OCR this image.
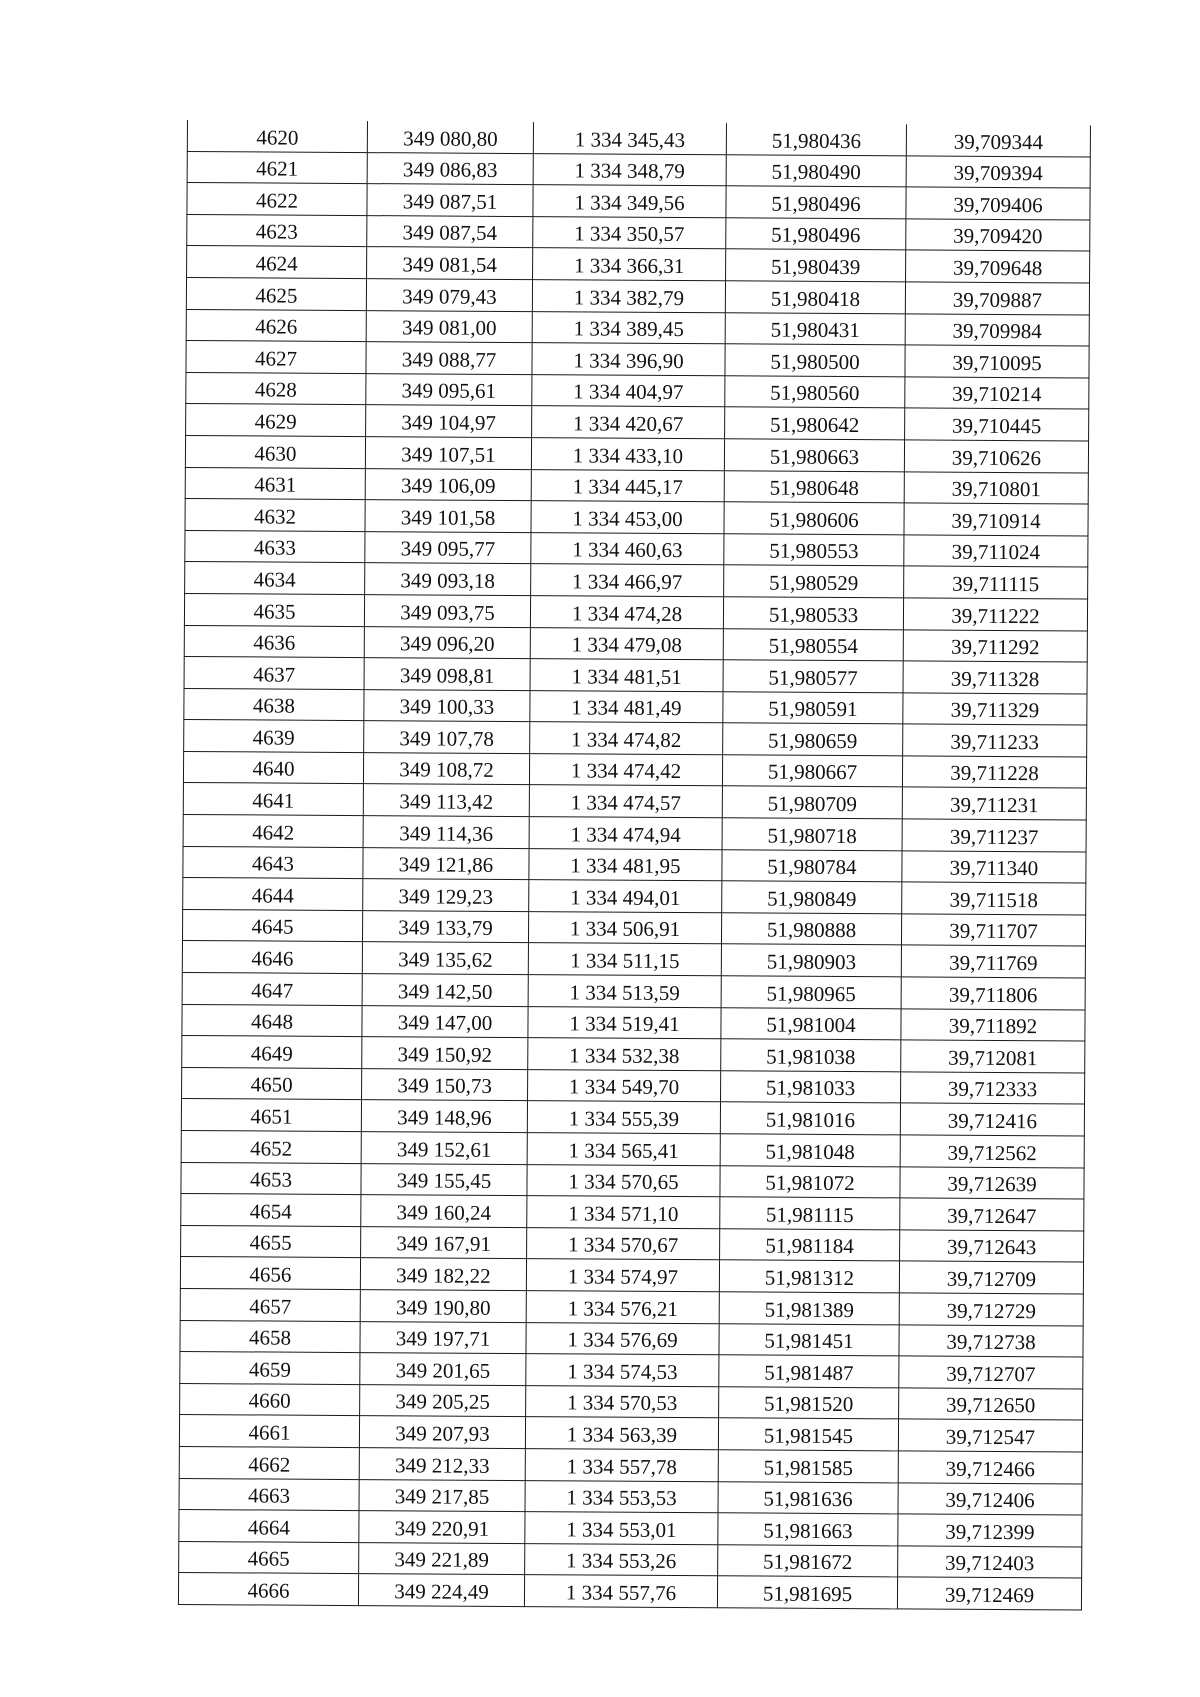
4620	349 080,80	1 334 345,43	51,980436	39,709344
4621	349 086,83	1 334 348,79	51,980490	39,709394
4622	349 087,51	1 334 349,56	51,980496	39,709406
4623	349 087,54	1 334 350,57	51,980496	39,709420
4624	349 081,54	1 334 366,31	51,980439	39,709648
4625	349 079,43	1 334 382,79	51,980418	39,709887
4626	349 081,00	1 334 389,45	51,980431	39,709984
4627	349 088,77	1 334 396,90	51,980500	39,710095
4628	349 095,61	1 334 404,97	51,980560	39,710214
4629	349 104,97	1 334 420,67	51,980642	39,710445
4630	349 107,51	1 334 433,10	51,980663	39,710626
4631	349 106,09	1 334 445,17	51,980648	39,710801
4632	349 101,58	1 334 453,00	51,980606	39,710914
4633	349 095,77	1 334 460,63	51,980553	39,711024
4634	349 093,18	1 334 466,97	51,980529	39,711115
4635	349 093,75	1 334 474,28	51,980533	39,711222
4636	349 096,20	1 334 479,08	51,980554	39,711292
4637	349 098,81	1 334 481,51	51,980577	39,711328
4638	349 100,33	1 334 481,49	51,980591	39,711329
4639	349 107,78	1 334 474,82	51,980659	39,711233
4640	349 108,72	1 334 474,42	51,980667	39,711228
4641	349 113,42	1 334 474,57	51,980709	39,711231
4642	349 114,36	1 334 474,94	51,980718	39,711237
4643	349 121,86	1 334 481,95	51,980784	39,711340
4644	349 129,23	1 334 494,01	51,980849	39,711518
4645	349 133,79	1 334 506,91	51,980888	39,711707
4646	349 135,62	1 334 511,15	51,980903	39,711769
4647	349 142,50	1 334 513,59	51,980965	39,711806
4648	349 147,00	1 334 519,41	51,981004	39,711892
4649	349 150,92	1 334 532,38	51,981038	39,712081
4650	349 150,73	1 334 549,70	51,981033	39,712333
4651	349 148,96	1 334 555,39	51,981016	39,712416
4652	349 152,61	1 334 565,41	51,981048	39,712562
4653	349 155,45	1 334 570,65	51,981072	39,712639
4654	349 160,24	1 334 571,10	51,981115	39,712647
4655	349 167,91	1 334 570,67	51,981184	39,712643
4656	349 182,22	1 334 574,97	51,981312	39,712709
4657	349 190,80	1 334 576,21	51,981389	39,712729
4658	349 197,71	1 334 576,69	51,981451	39,712738
4659	349 201,65	1 334 574,53	51,981487	39,712707
4660	349 205,25	1 334 570,53	51,981520	39,712650
4661	349 207,93	1 334 563,39	51,981545	39,712547
4662	349 212,33	1 334 557,78	51,981585	39,712466
4663	349 217,85	1 334 553,53	51,981636	39,712406
4664	349 220,91	1 334 553,01	51,981663	39,712399
4665	349 221,89	1 334 553,26	51,981672	39,712403
4666	349 224,49	1 334 557,76	51,981695	39,712469
